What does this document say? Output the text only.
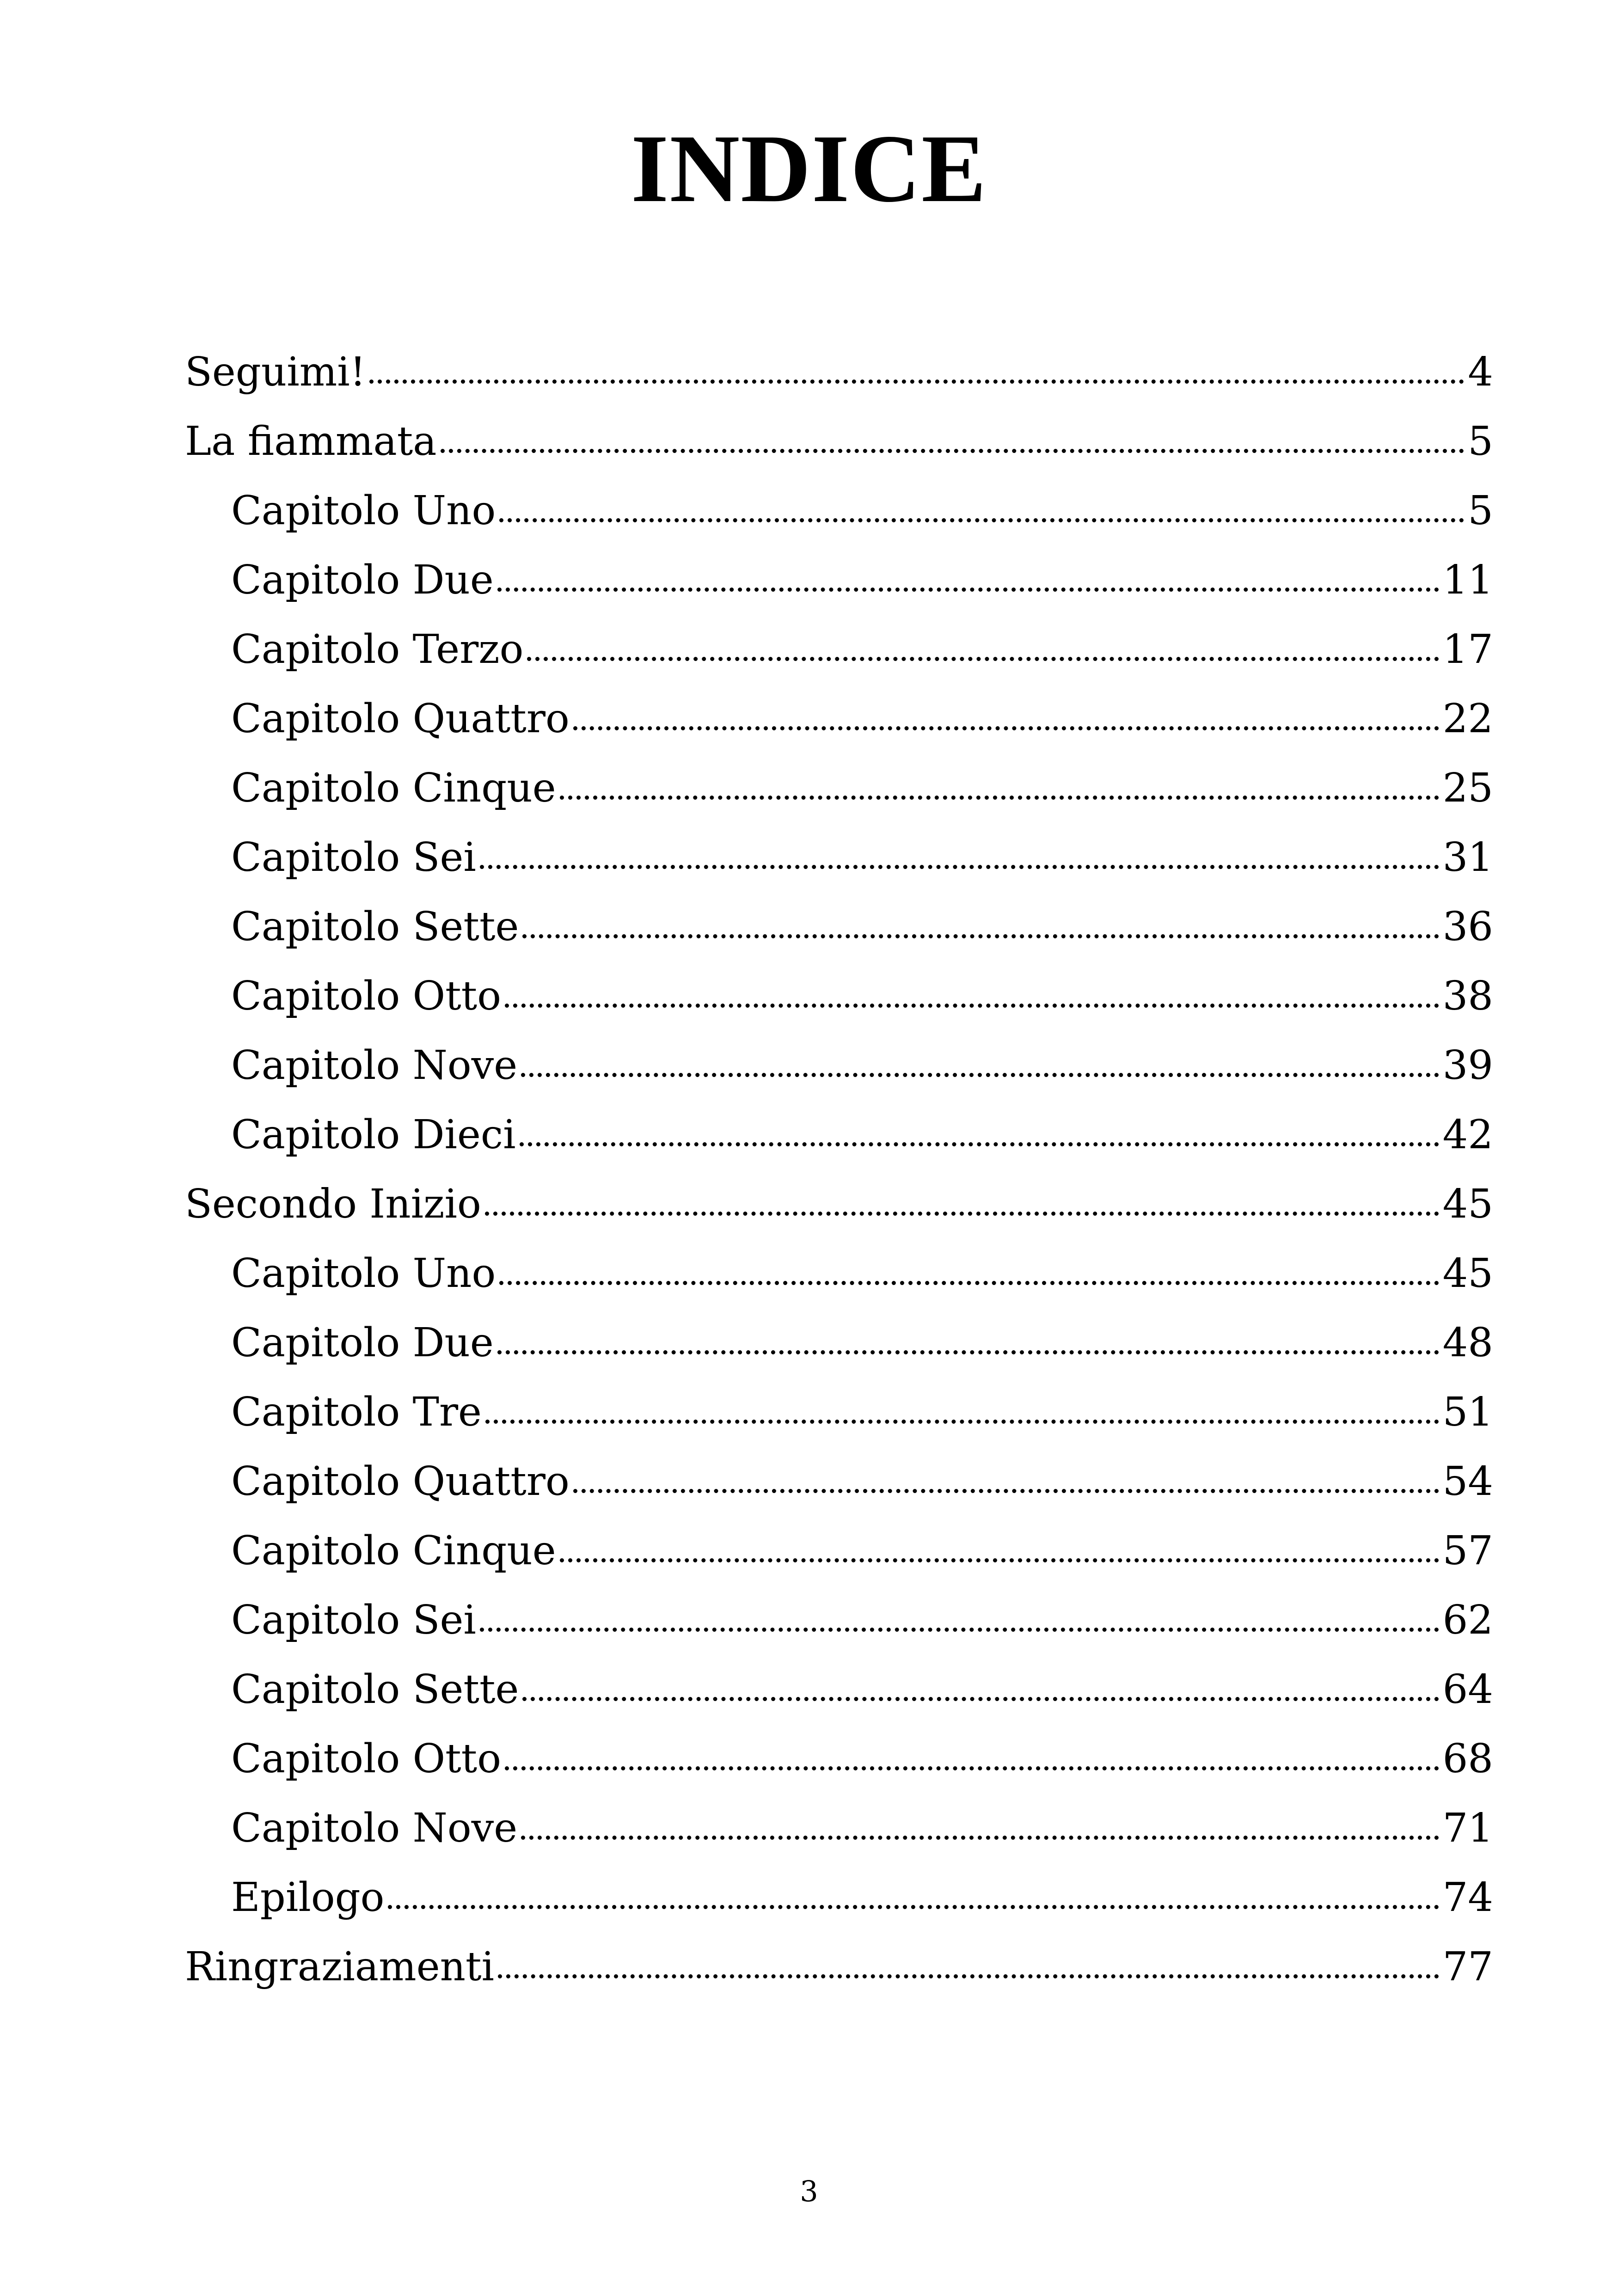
INDICE
Seguimi!	4
La fiammata	5
Capitolo Uno	5
Capitolo Due	11
Capitolo Terzo	17
Capitolo Quattro	22
Capitolo Cinque	25
Capitolo Sei	31
Capitolo Sette	36
Capitolo Otto	38
Capitolo Nove	39
Capitolo Dieci	42
Secondo Inizio	45
Capitolo Uno	45
Capitolo Due	48
Capitolo Tre	51
Capitolo Quattro	54
Capitolo Cinque	57
Capitolo Sei	62
Capitolo Sette	64
Capitolo Otto	68
Capitolo Nove	71
Epilogo	74
Ringraziamenti	77
3
